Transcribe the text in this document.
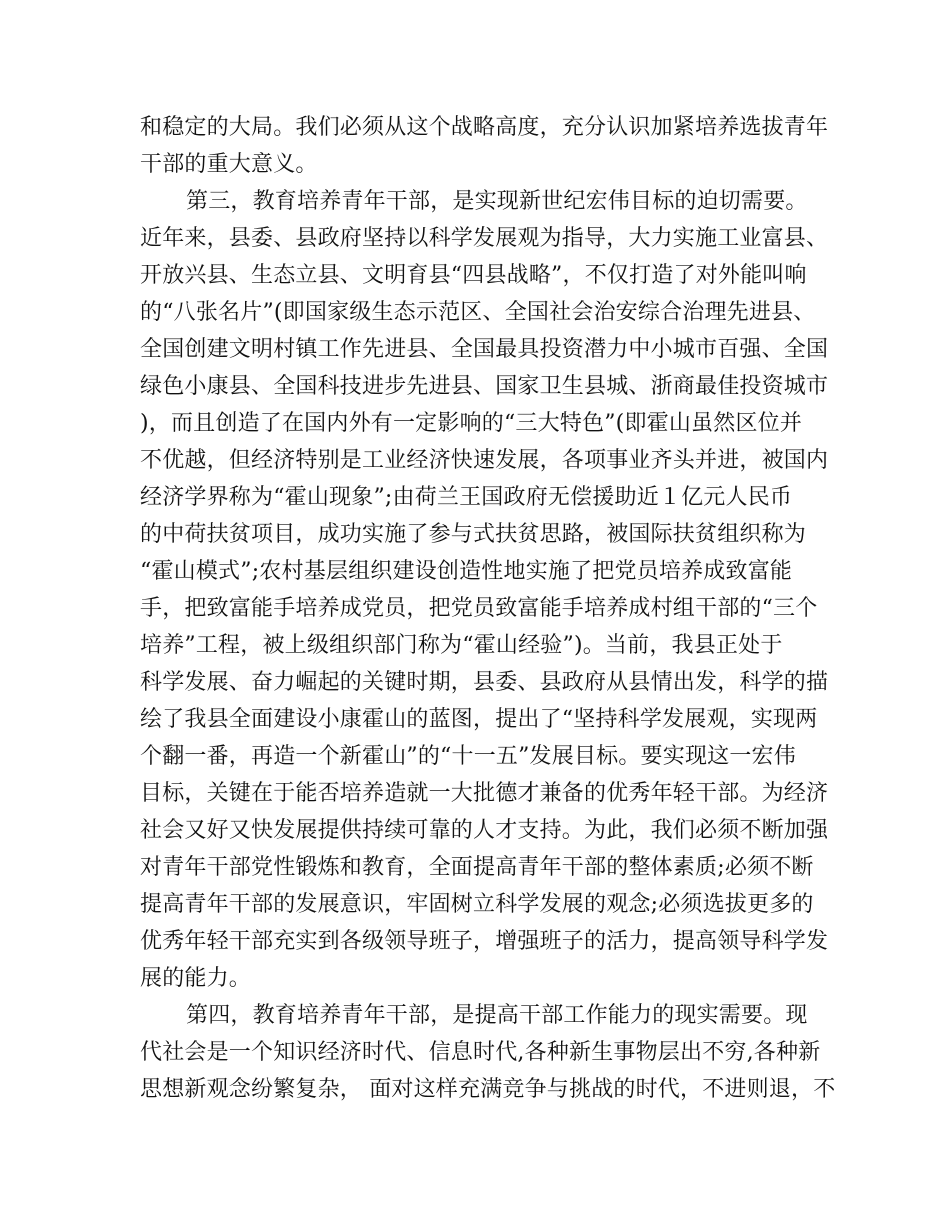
和稳定的大局。我们必须从这个战略高度，充分认识加紧培养选拔青年
干部的重大意义。
第三，教育培养青年干部，是实现新世纪宏伟目标的迫切需要。
近年来，县委、县政府坚持以科学发展观为指导，大力实施工业富县、
开放兴县、生态立县、文明育县“四县战略”，不仅打造了对外能叫响
的“八张名片”(即国家级生态示范区、全国社会治安综合治理先进县、
全国创建文明村镇工作先进县、全国最具投资潜力中小城市百强、全国
绿色小康县、全国科技进步先进县、国家卫生县城、浙商最佳投资城市
)，而且创造了在国内外有一定影响的“三大特色”(即霍山虽然区位并
不优越，但经济特别是工业经济快速发展，各项事业齐头并进，被国内
经济学界称为“霍山现象”;由荷兰王国政府无偿援助近１亿元人民币
的中荷扶贫项目，成功实施了参与式扶贫思路，被国际扶贫组织称为
“霍山模式”;农村基层组织建设创造性地实施了把党员培养成致富能
手，把致富能手培养成党员，把党员致富能手培养成村组干部的“三个
培养”工程，被上级组织部门称为“霍山经验”)。当前，我县正处于
科学发展、奋力崛起的关键时期，县委、县政府从县情出发，科学的描
绘了我县全面建设小康霍山的蓝图，提出了“坚持科学发展观，实现两
个翻一番，再造一个新霍山”的“十一五”发展目标。要实现这一宏伟
目标，关键在于能否培养造就一大批德才兼备的优秀年轻干部。为经济
社会又好又快发展提供持续可靠的人才支持。为此，我们必须不断加强
对青年干部党性锻炼和教育，全面提高青年干部的整体素质;必须不断
提高青年干部的发展意识，牢固树立科学发展的观念;必须选拔更多的
优秀年轻干部充实到各级领导班子，增强班子的活力，提高领导科学发
展的能力。
第四，教育培养青年干部，是提高干部工作能力的现实需要。现
代社会是一个知识经济时代、信息时代,各种新生事物层出不穷,各种新
思想新观念纷繁复杂， 面对这样充满竞争与挑战的时代，不进则退，不
